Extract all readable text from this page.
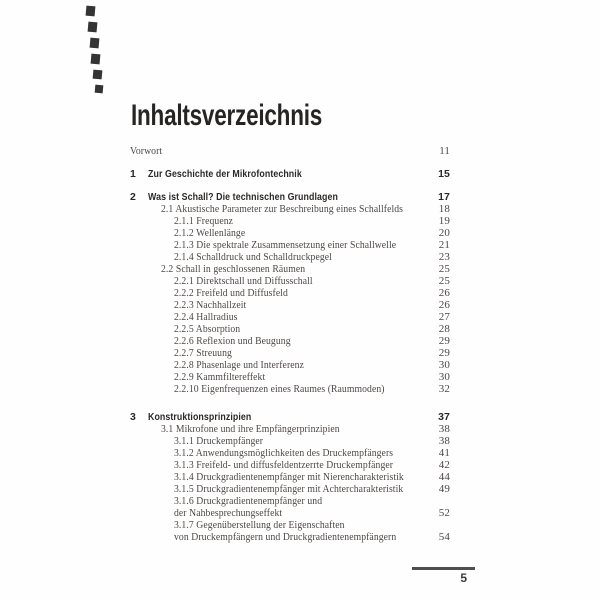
Inhaltsverzeichnis
Vorwort	11
1	Zur Geschichte der Mikrofontechnik	15
2	Was ist Schall? Die technischen Grundlagen	17
2.1 Akustische Parameter zur Beschreibung eines Schallfelds	18
2.1.1 Frequenz	19
2.1.2 Wellenlänge	20
2.1.3 Die spektrale Zusammensetzung einer Schallwelle	21
2.1.4 Schalldruck und Schalldruckpegel	23
2.2 Schall in geschlossenen Räumen	25
2.2.1 Direktschall und Diffusschall	25
2.2.2 Freifeld und Diffusfeld	26
2.2.3 Nachhallzeit	26
2.2.4 Hallradius	27
2.2.5 Absorption	28
2.2.6 Reflexion und Beugung	29
2.2.7 Streuung	29
2.2.8 Phasenlage und Interferenz	30
2.2.9 Kammfiltereffekt	30
2.2.10 Eigenfrequenzen eines Raumes (Raummoden)	32
3	Konstruktionsprinzipien	37
3.1 Mikrofone und ihre Empfängerprinzipien	38
3.1.1 Druckempfänger	38
3.1.2 Anwendungsmöglichkeiten des Druckempfängers	41
3.1.3 Freifeld- und diffusfeldentzerrte Druckempfänger	42
3.1.4 Druckgradientenempfänger mit Nierencharakteristik	44
3.1.5 Druckgradientenempfänger mit Achtercharakteristik	49
3.1.6 Druckgradientenempfänger und
der Nahbesprechungseffekt	52
3.1.7 Gegenüberstellung der Eigenschaften
von Druckempfängern und Druckgradientenempfängern	54
5
